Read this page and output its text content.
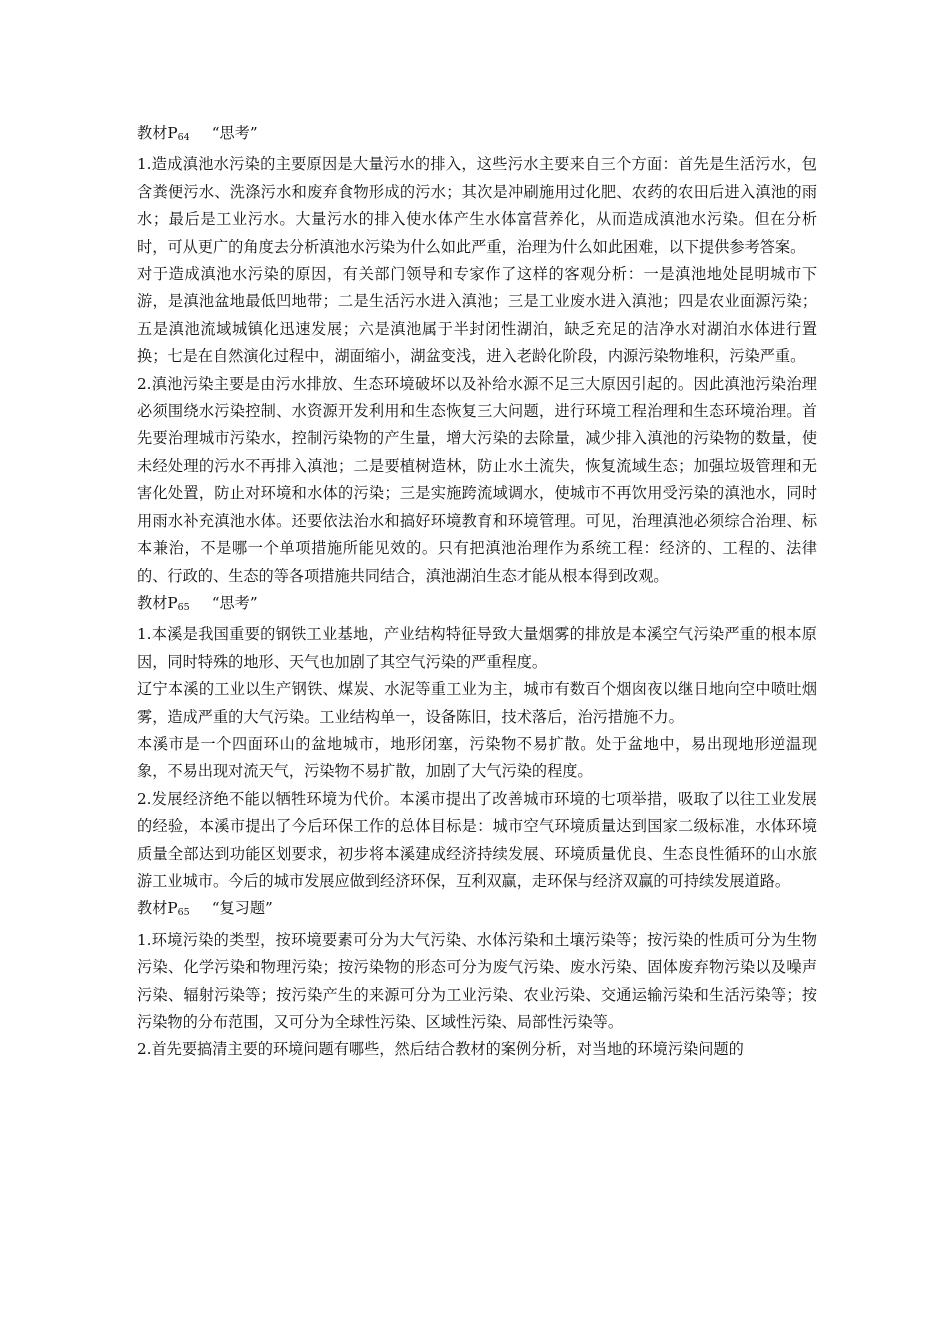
教材$P_{64}$ “思考”

1.造成滇池水污染的主要原因是大量污水的排入，这些污水主要来自三个方面：首先是生活污水，包含粪便污水、洗涤污水和废弃食物形成的污水；其次是冲刷施用过化肥、农药的农田后进入滇池的雨水；最后是工业污水。大量污水的排入使水体产生水体富营养化，从而造成滇池水污染。但在分析时，可从更广的角度去分析滇池水污染为什么如此严重，治理为什么如此困难，以下提供参考答案。

对于造成滇池水污染的原因，有关部门领导和专家作了这样的客观分析：一是滇池地处昆明城市下游，是滇池盆地最低凹地带；二是生活污水进入滇池；三是工业废水进入滇池；四是农业面源污染；五是滇池流域城镇化迅速发展；六是滇池属于半封闭性湖泊，缺乏充足的洁净水对湖泊水体进行置换；七是在自然演化过程中，湖面缩小，湖盆变浅，进入老龄化阶段，内源污染物堆积，污染严重。

2.滇池污染主要是由污水排放、生态环境破坏以及补给水源不足三大原因引起的。因此滇池污染治理必须围绕水污染控制、水资源开发利用和生态恢复三大问题，进行环境工程治理和生态环境治理。首先要治理城市污染水，控制污染物的产生量，增大污染的去除量，减少排入滇池的污染物的数量，使未经处理的污水不再排入滇池；二是要植树造林，防止水土流失，恢复流域生态；加强垃圾管理和无害化处置，防止对环境和水体的污染；三是实施跨流域调水，使城市不再饮用受污染的滇池水，同时用雨水补充滇池水体。还要依法治水和搞好环境教育和环境管理。可见，治理滇池必须综合治理、标本兼治，不是哪一个单项措施所能见效的。只有把滇池治理作为系统工程：经济的、工程的、法律的、行政的、生态的等各项措施共同结合，滇池湖泊生态才能从根本得到改观。

教材$P_{65}$ “思考”

1.本溪是我国重要的钢铁工业基地，产业结构特征导致大量烟雾的排放是本溪空气污染严重的根本原因，同时特殊的地形、天气也加剧了其空气污染的严重程度。

辽宁本溪的工业以生产钢铁、煤炭、水泥等重工业为主，城市有数百个烟囱夜以继日地向空中喷吐烟雾，造成严重的大气污染。工业结构单一，设备陈旧，技术落后，治污措施不力。

本溪市是一个四面环山的盆地城市，地形闭塞，污染物不易扩散。处于盆地中，易出现地形逆温现象，不易出现对流天气，污染物不易扩散，加剧了大气污染的程度。

2.发展经济绝不能以牺牲环境为代价。本溪市提出了改善城市环境的七项举措，吸取了以往工业发展的经验，本溪市提出了今后环保工作的总体目标是：城市空气环境质量达到国家二级标准，水体环境质量全部达到功能区划要求，初步将本溪建成经济持续发展、环境质量优良、生态良性循环的山水旅游工业城市。今后的城市发展应做到经济环保，互利双赢，走环保与经济双赢的可持续发展道路。

教材$P_{65}$ “复习题”

1.环境污染的类型，按环境要素可分为大气污染、水体污染和土壤污染等；按污染的性质可分为生物污染、化学污染和物理污染；按污染物的形态可分为废气污染、废水污染、固体废弃物污染以及噪声污染、辐射污染等；按污染产生的来源可分为工业污染、农业污染、交通运输污染和生活污染等；按污染物的分布范围，又可分为全球性污染、区域性污染、局部性污染等。

2.首先要搞清主要的环境问题有哪些，然后结合教材的案例分析，对当地的环境污染问题的
